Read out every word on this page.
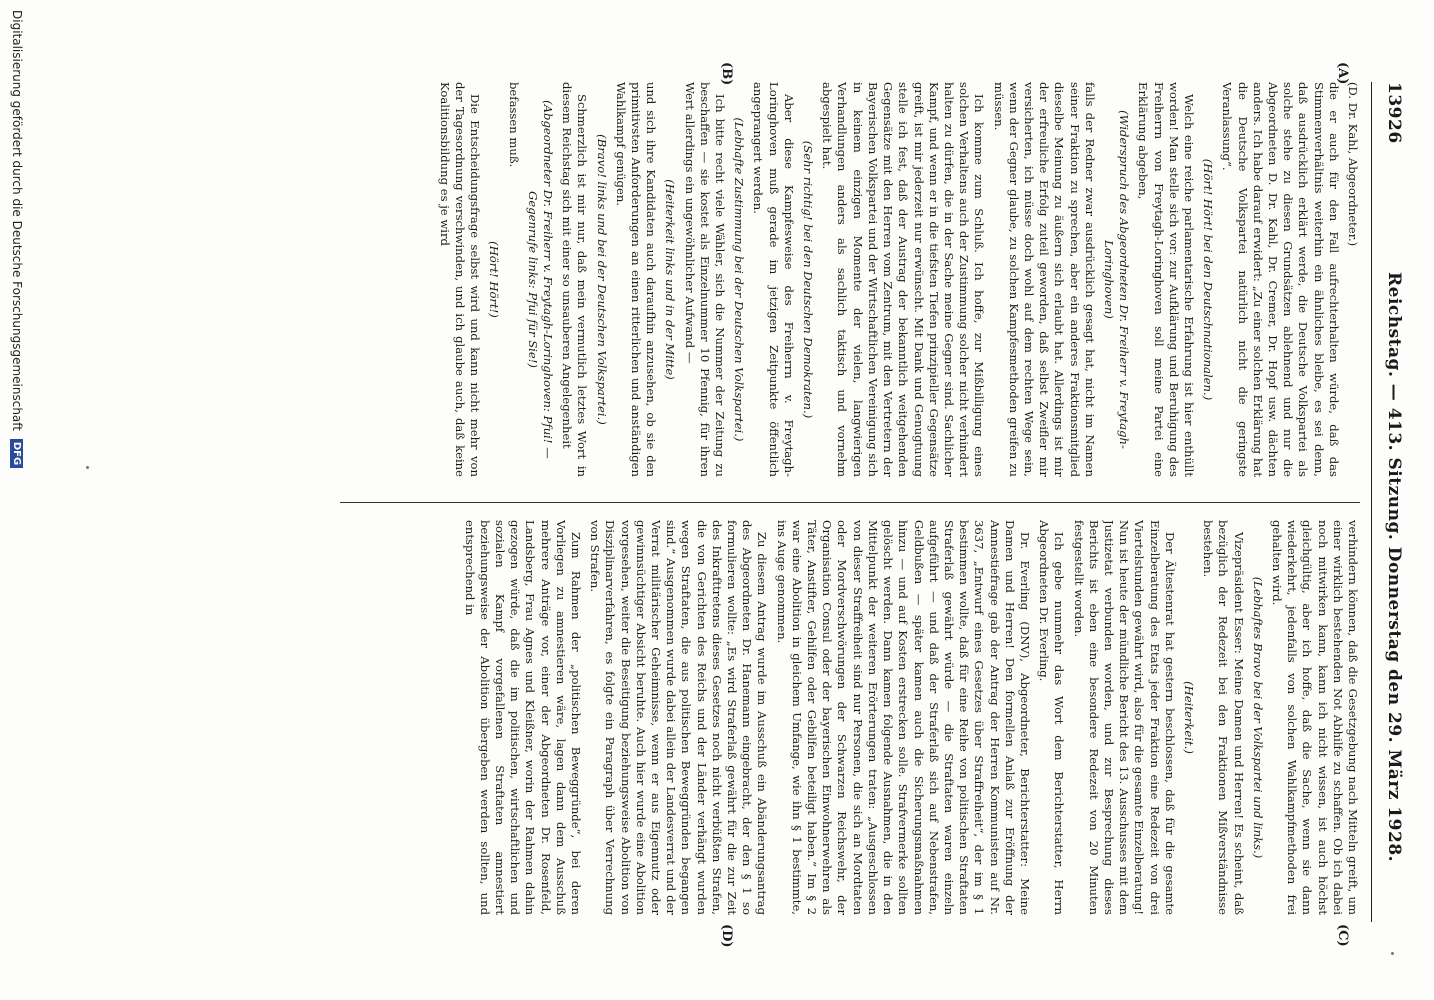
13926
Reichstag. — 413. Sitzung. Donnerstag den 29. März 1928.

(D. Dr. Kahl, Abgeordneter.)

die er auch für den Fall aufrechterhalten würde, daß das Stimmenverhältnis weiterhin ein ähnliches bleibe, es sei denn, daß ausdrücklich erklärt werde, die Deutsche Volkspartei als solche stehe zu diesen Grundsätzen ablehnend und nur die Abgeordneten D. Dr. Kahl, Dr. Cremer, Dr. Hopf usw. dächten anders. Ich habe darauf erwidert: „Zu einer solchen Erklärung hat die Deutsche Volkspartei natürlich nicht die geringste Veranlassung“.

(Hört! Hört! bei den Deutschnationalen.)

Welch eine reiche parlamentarische Erfahrung ist hier enthüllt worden! Man stelle sich vor: zur Aufklärung und Beruhigung des Freiherrn von Freytagh-Loringhoven soll meine Partei eine Erklärung abgeben,

(Widerspruch des Abgeordneten Dr. Freiherr v. Freytagh-Loringhoven)

falls der Redner zwar ausdrücklich gesagt hat, nicht im Namen seiner Fraktion zu sprechen, aber ein anderes Fraktionsmitglied dieselbe Meinung zu äußern sich erlaubt hat. Allerdings ist mir der erfreuliche Erfolg zuteil geworden, daß selbst Zweifler mir versicherten, ich müsse doch wohl auf dem rechten Wege sein, wenn der Gegner glaube, zu solchen Kampfesmethoden greifen zu müssen.

Ich komme zum Schluß. Ich hoffe, zur Mißbilligung eines solchen Verhaltens auch der Zustimmung solcher nicht verhindert halten zu dürfen, die in der Sache meine Gegner sind. Sachlicher Kampf, und wenn er in die tiefsten Tiefen prinzipieller Gegensätze greift, ist mir jederzeit nur erwünscht. Mit Dank und Genugtuung stelle ich fest, daß der Austrag der bekanntlich weitgehenden Gegensätze mit den Herren vom Zentrum, mit den Vertretern der Bayerischen Volkspartei und der Wirtschaftlichen Vereinigung sich in keinem einzigen Momente der vielen, langwierigen Verhandlungen anders als sachlich taktisch und vornehm abgespielt hat.

(Sehr richtig! bei den Deutschen Demokraten.)

Aber diese Kampfesweise des Freiherrn v. Freytagh-Loringhoven muß gerade im jetzigen Zeitpunkte öffentlich angeprangert werden.

(Lebhafte Zustimmung bei der Deutschen Volkspartei.)

Ich bitte recht viele Wähler, sich die Nummer der Zeitung zu beschaffen — sie kostet als Einzelnummer 10 Pfennig, für ihren Wert allerdings ein ungewöhnlicher Aufwand —

(Heiterkeit links und in der Mitte)

und sich ihre Kandidaten auch daraufhin anzusehen, ob sie den primitivsten Anforderungen an einen ritterlichen und anständigen Wahlkampf genügen.

(Bravo! links und bei der Deutschen Volkspartei.)

Schmerzlich ist mir nur, daß mein vermutlich letztes Wort in diesem Reichstag sich mit einer so unsauberen Angelegenheit

(Abgeordneter Dr. Freiherr v. Freytagh-Loringhoven: Pfui! — Gegenrufe links: Pfui für Sie!)

befassen muß.

(Hört! Hört!)

Die Entscheidungsfrage selbst wird und kann nicht mehr von der Tagesordnung verschwinden, und ich glaube auch, daß keine Koalitionsbildung es je wird

verhindern können, daß die Gesetzgebung nach Mitteln greift, um einer wirklich bestehenden Not Abhilfe zu schaffen. Ob ich dabei noch mitwirken kann, kann ich nicht wissen, ist auch höchst gleichgültig, aber ich hoffe, daß die Sache, wenn sie dann wiederkehrt, jedenfalls von solchen Wahlkampfmethoden frei gehalten wird.

(Lebhaftes Bravo bei der Volkspartei und links.)

Vizepräsident Esser: Meine Damen und Herren! Es scheint, daß bezüglich der Redezeit bei den Fraktionen Mißverständnisse bestehen.

(Heiterkeit.)

Der Ältestenrat hat gestern beschlossen, daß für die gesamte Einzelberatung des Etats jeder Fraktion eine Redezeit von drei Viertelstunden gewährt wird, also für die gesamte Einzelberatung! Nun ist heute der mündliche Bericht des 13. Ausschusses mit dem Justizetat verbunden worden, und zur Besprechung dieses Berichts ist eben eine besondere Redezeit von 20 Minuten festgestellt worden.

Ich gebe nunmehr das Wort dem Berichterstatter, Herrn Abgeordneten Dr. Everling.

Dr. Everling (DNV), Abgeordneter, Berichterstatter: Meine Damen und Herren! Den formellen Anlaß zur Eröffnung der Amnestiefrage gab der Antrag der Herren Kommunisten auf Nr. 3637, „Entwurf eines Gesetzes über Straffreiheit“, der im § 1 bestimmen wollte, daß für eine Reihe von politischen Straftaten Straferlaß gewährt würde — die Straftaten waren einzeln aufgeführt — und daß der Straferlaß sich auf Nebenstrafen, Geldbußen — später kamen auch die Sicherungsmaßnahmen hinzu — und auf Kosten erstrecken solle. Strafvermerke sollten gelöscht werden. Dann kamen folgende Ausnahmen, die in den Mittelpunkt der weiteren Erörterungen traten: „Ausgeschlossen von dieser Straffreiheit sind nur Personen, die sich an Mordtaten oder Mordverschwörungen der Schwarzen Reichswehr, der Organisation Consul oder der bayerischen Einwohnerwehren als Täter, Anstifter, Gehilfen oder Gebilfen beteiligt haben.“ Im § 2 war eine Abolition in gleichem Umfange, wie ihn § 1 bestimmte, ins Auge genommen.

Zu diesem Antrag wurde im Ausschuß ein Abänderungsantrag des Abgeordneten Dr. Hanemann eingebracht, der den § 1 so formulieren wollte: „Es wird Straferlaß gewährt für die zur Zeit des Inkrafttretens dieses Gesetzes noch nicht verbüßten Strafen, die von Gerichten des Reichs und der Länder verhängt wurden wegen Straftaten, die aus politischen Beweggründen begangen sind.“ Ausgenommen wurde dabei allein der Landesverrat und der Verrat militärischer Geheimnisse, wenn er aus Eigennutz oder gewinnsüchtiger Absicht beruhte. Auch hier wurde eine Abolition vorgesehen, weiter die Beseitigung beziehungsweise Abolition von Disziplinarverfahren, es folgte ein Paragraph über Verrechnung von Strafen.

Zum Rahmen der „politischen Beweggründe“, bei deren Vorliegen zu amnestieren wäre, lagen dann dem Ausschuß mehrere Anträge vor, einer der Abgeordneten Dr. Rosenfeld, Landsberg, Frau Agnes und Kleißner, worin der Rahmen dahin gezogen würde, daß die im politischen, wirtschaftlichen und sozialen Kampf vorgefallenen Straftaten amnestiert beziehungsweise der Abolition übergeben werden sollten, und entsprechend in

(A)
(B)
(C)
(D)
Digitalisierung gefördert durch die Deutsche Forschungsgemeinschaft DFG
